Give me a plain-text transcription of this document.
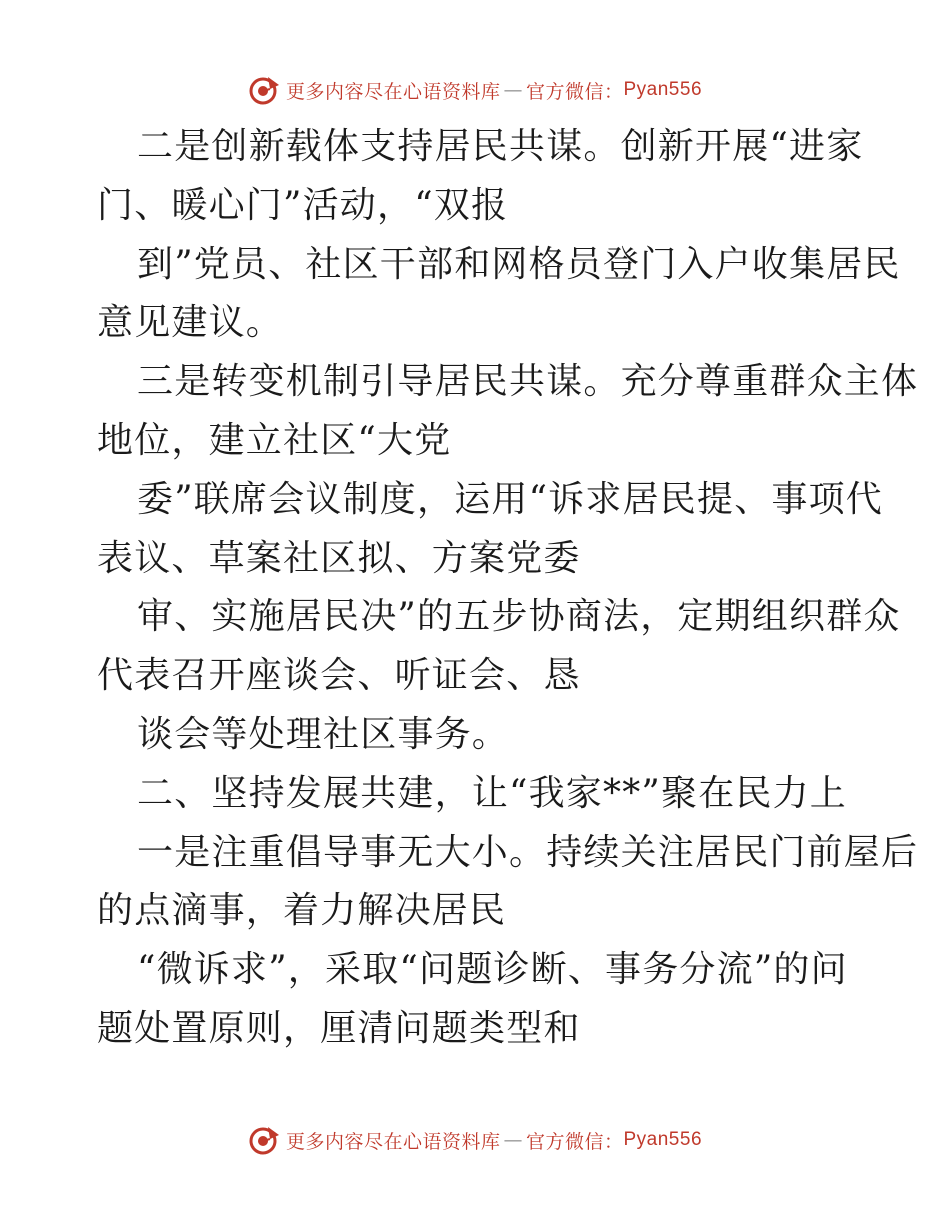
更多内容尽在心语资料库 — 官方微信： Pyan556
二是创新载体支持居民共谋。创新开展“进家
门、暖心门”活动，“双报
到”党员、社区干部和网格员登门入户收集居民
意见建议。
三是转变机制引导居民共谋。充分尊重群众主体
地位，建立社区“大党
委”联席会议制度，运用“诉求居民提、事项代
表议、草案社区拟、方案党委
审、实施居民决”的五步协商法，定期组织群众
代表召开座谈会、听证会、恳
谈会等处理社区事务。
二、坚持发展共建，让“我家**”聚在民力上
一是注重倡导事无大小。持续关注居民门前屋后
的点滴事，着力解决居民
“微诉求”，采取“问题诊断、事务分流”的问
题处置原则，厘清问题类型和
更多内容尽在心语资料库 — 官方微信： Pyan556
